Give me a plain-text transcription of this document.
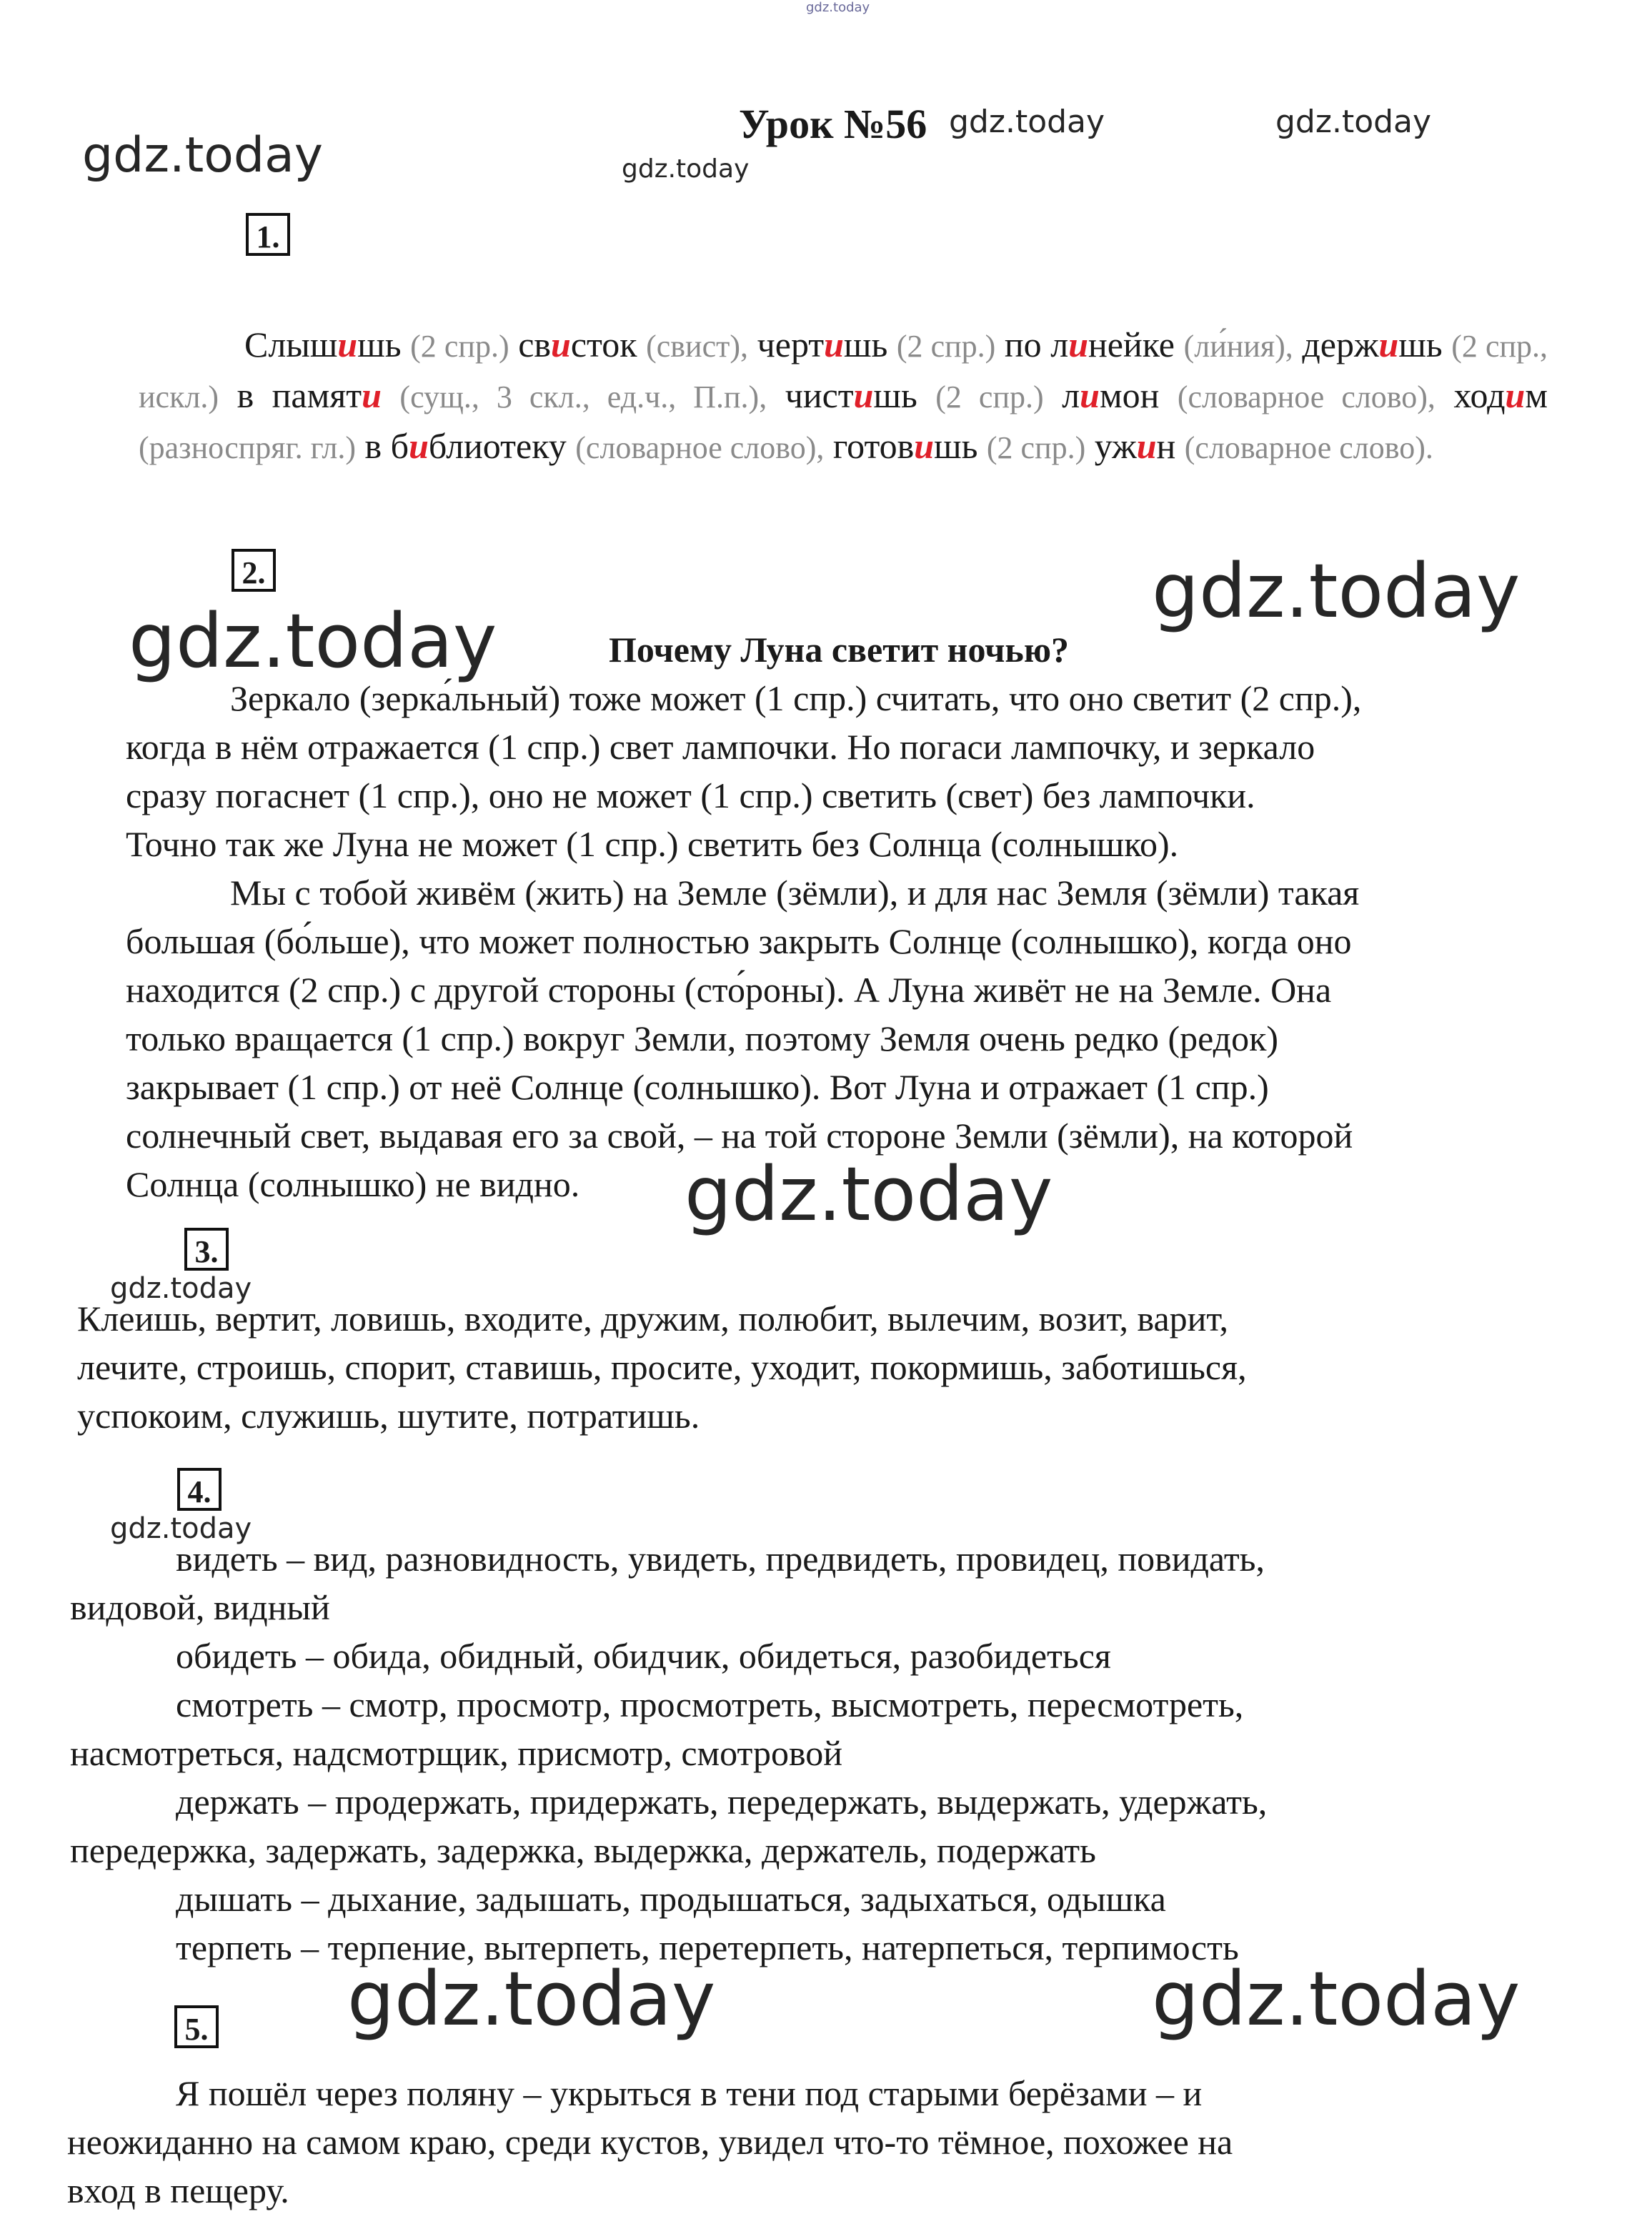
gdz.today
gdz.today	gdz.today
gdz.today	gdz.today
Урок №56
1.
Слышишь (2 спр.) свисток (свист), чертишь (2 спр.) по линейке (ли́ния), держишь (2 спр., искл.) в памяти (сущ., 3 скл., ед.ч., П.п.), чистишь (2 спр.) лимон (словарное слово), ходим (разноспряг. гл.) в библиотеку (словарное слово), готовишь (2 спр.) ужин (словарное слово).
2.	gdz.today
gdz.today	Почему Луна светит ночью?
Зеркало (зерка́льный) тоже может (1 спр.) считать, что оно светит (2 спр.),
когда в нём отражается (1 спр.) свет лампочки. Но погаси лампочку, и зеркало
сразу погаснет (1 спр.), оно не может (1 спр.) светить (свет) без лампочки.
Точно так же Луна не может (1 спр.) светить без Солнца (солнышко).
Мы с тобой живём (жить) на Земле (зёмли), и для нас Земля (зёмли) такая
большая (бо́льше), что может полностью закрыть Солнце (солнышко), когда оно
находится (2 спр.) с другой стороны (сто́роны). А Луна живёт не на Земле. Она
только вращается (1 спр.) вокруг Земли, поэтому Земля очень редко (редок)
закрывает (1 спр.) от неё Солнце (солнышко). Вот Луна и отражает (1 спр.)
солнечный свет, выдавая его за свой, – на той стороне Земли (зёмли), на которой
Солнца (солнышко) не видно. gdz.today
3.
gdz.today
Клеишь, вертит, ловишь, входите, дружим, полюбит, вылечим, возит, варит,
лечите, строишь, спорит, ставишь, просите, уходит, покормишь, заботишься,
успокоим, служишь, шутите, потратишь.
4.
gdz.today
видеть – вид, разновидность, увидеть, предвидеть, провидец, повидать,
видовой, видный
обидеть – обида, обидный, обидчик, обидеться, разобидеться
смотреть – смотр, просмотр, просмотреть, высмотреть, пересмотреть,
насмотреться, надсмотрщик, присмотр, смотровой
держать – продержать, придержать, передержать, выдержать, удержать,
передержка, задержать, задержка, выдержка, держатель, подержать
дышать – дыхание, задышать, продышаться, задыхаться, одышка
терпеть – терпение, вытерпеть, перетерпеть, натерпеться, терпимость
gdz.today	gdz.today
5.
Я пошёл через поляну – укрыться в тени под старыми берёзами – и
неожиданно на самом краю, среди кустов, увидел что-то тёмное, похожее на
вход в пещеру.
